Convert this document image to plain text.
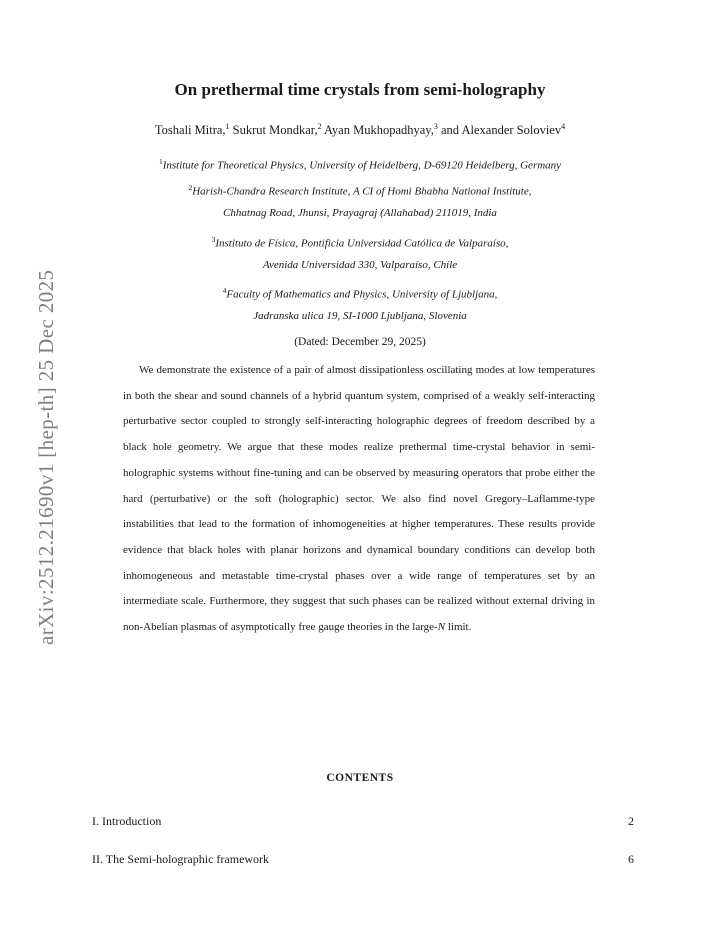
arXiv:2512.21690v1 [hep-th] 25 Dec 2025
On prethermal time crystals from semi-holography
Toshali Mitra,$^1$ Sukrut Mondkar,$^2$ Ayan Mukhopadhyay,$^3$ and Alexander Soloviev$^4$
$^1$Institute for Theoretical Physics, University of Heidelberg, D-69120 Heidelberg, Germany
$^2$Harish-Chandra Research Institute, A CI of Homi Bhabha National Institute,
Chhatnag Road, Jhunsi, Prayagraj (Allahabad) 211019, India
$^3$Instituto de Física, Pontificia Universidad Católica de Valparaíso,
Avenida Universidad 330, Valparaíso, Chile
$^4$Faculty of Mathematics and Physics, University of Ljubljana,
Jadranska ulica 19, SI-1000 Ljubljana, Slovenia
(Dated: December 29, 2025)

We demonstrate the existence of a pair of almost dissipationless oscillating modes at low temperatures in both the shear and sound channels of a hybrid quantum system, comprised of a weakly self-interacting perturbative sector coupled to strongly self-interacting holographic degrees of freedom described by a black hole geometry. We argue that these modes realize prethermal time-crystal behavior in semi-holographic systems without fine-tuning and can be observed by measuring operators that probe either the hard (perturbative) or the soft (holographic) sector. We also find novel Gregory–Laflamme-type instabilities that lead to the formation of inhomogeneities at higher temperatures. These results provide evidence that black holes with planar horizons and dynamical boundary conditions can develop both inhomogeneous and metastable time-crystal phases over a wide range of temperatures set by an intermediate scale. Furthermore, they suggest that such phases can be realized without external driving in non-Abelian plasmas of asymptotically free gauge theories in the large-N limit.

CONTENTS
I. Introduction	2
II. The Semi-holographic framework	6
